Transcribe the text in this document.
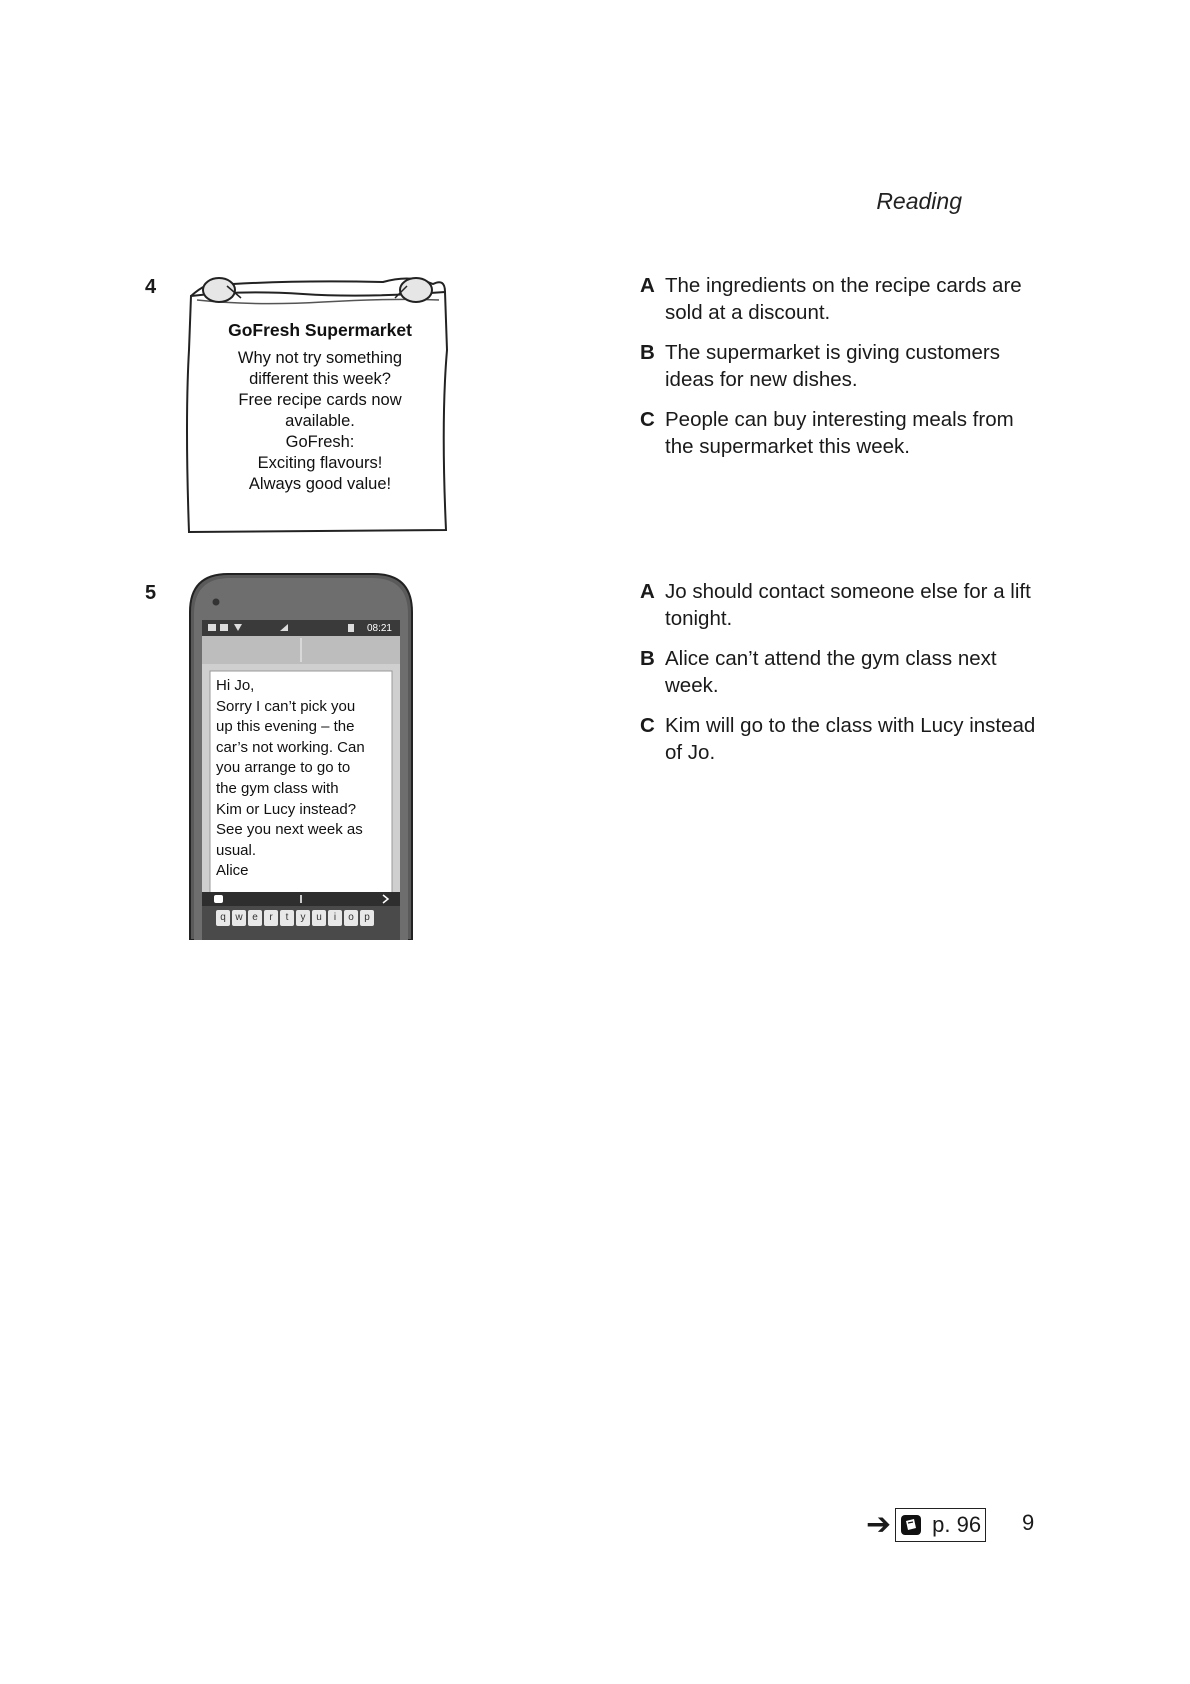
Reading
4
GoFresh Supermarket
Why not try something
different this week?
Free recipe cards now
available.
GoFresh:
Exciting flavours!
Always good value!
A The ingredients on the recipe cards are sold at a discount.
B The supermarket is giving customers ideas for new dishes.
C People can buy interesting meals from the supermarket this week.
5
08:21
Hi Jo,
Sorry I can’t pick you
up this evening – the
car’s not working. Can
you arrange to go to
the gym class with
Kim or Lucy instead?
See you next week as
usual.
Alice
q w e	r	t	y	u	i	o	p
A Jo should contact someone else for a lift tonight.
B Alice can’t attend the gym class next week.
C Kim will go to the class with Lucy instead of Jo.
➔ p. 96 9
